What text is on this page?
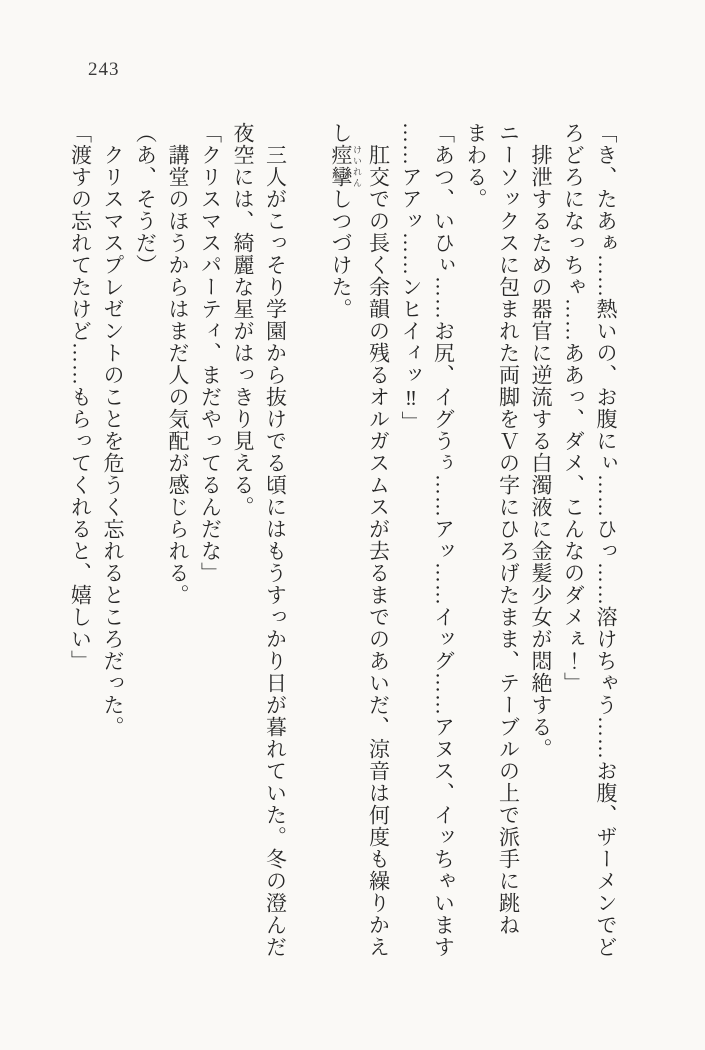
243

「き、たあぁ……熱いの、お腹にぃ……ひっ……溶けちゃう……お腹、ザーメンでど

ろどろになっちゃ……ああっ、ダメ、こんなのダメぇ！」

　排泄するための器官に逆流する白濁液に金髪少女が悶絶する。

ニーソックスに包まれた両脚をＶの字にひろげたまま、テーブルの上で派手に跳ね

まわる。

「あつ、いひぃ……お尻、イグうぅ……アッ……イッグ……アヌス、イッちゃいます

……アアッ……ンヒイィッ‼」

　肛交での長く余韻の残るオルガスムスが去るまでのあいだ、涼音は何度も繰りかえ

し痙攣 けいれんしつづけた。

　三人がこっそり学園から抜けでる頃にはもうすっかり日が暮れていた。冬の澄んだ

夜空には、綺麗な星がはっきり見える。

「クリスマスパーティ、まだやってるんだな」

　講堂のほうからはまだ人の気配が感じられる。

（あ、そうだ）

　クリスマスプレゼントのことを危うく忘れるところだった。

「渡すの忘れてたけど……もらってくれると、嬉しい」
